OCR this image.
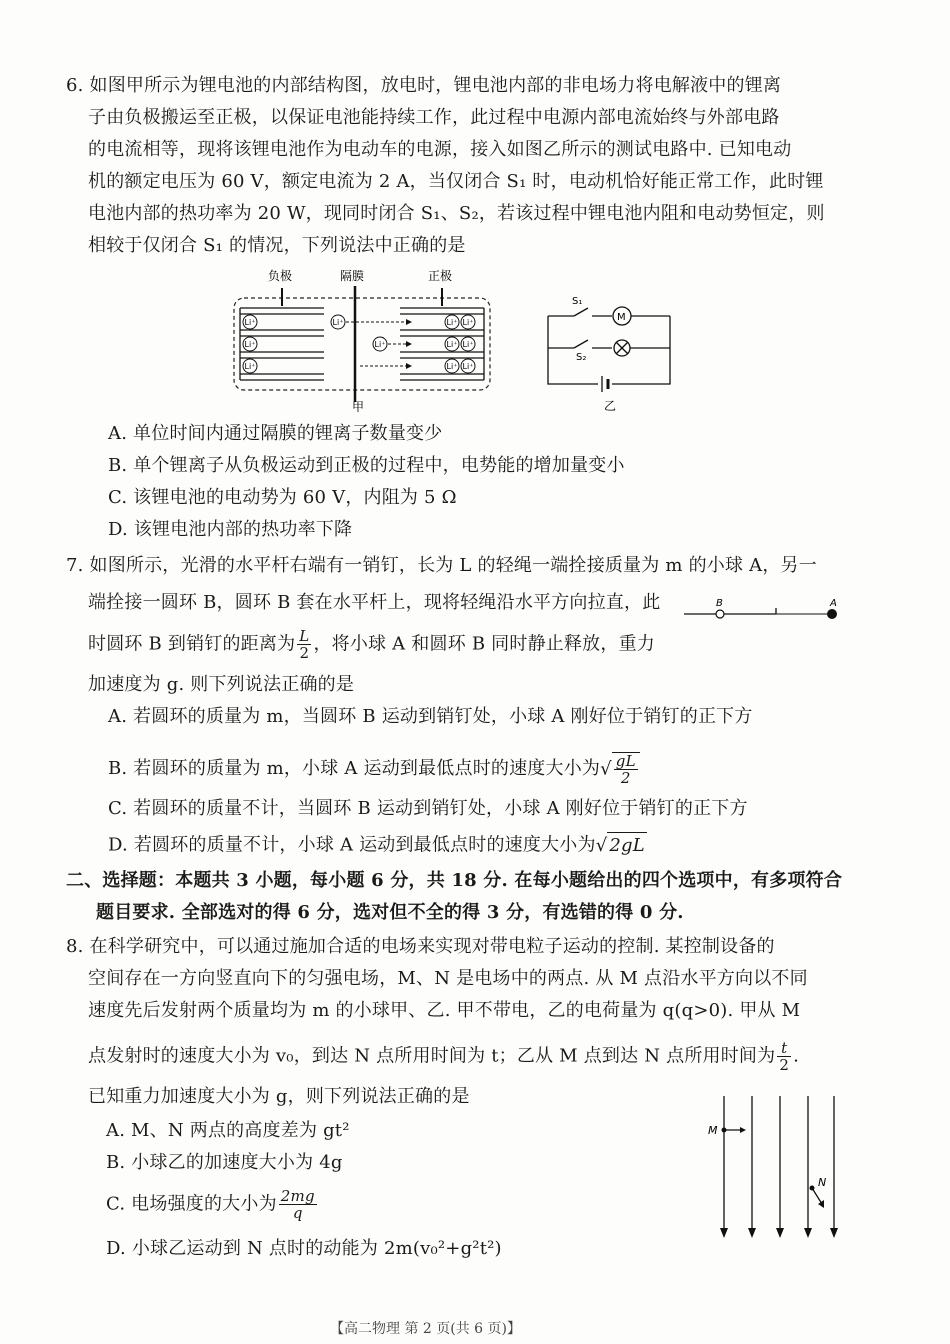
6. 如图甲所示为锂电池的内部结构图，放电时，锂电池内部的非电场力将电解液中的锂离
子由负极搬运至正极，以保证电池能持续工作，此过程中电源内部电流始终与外部电路
的电流相等，现将该锂电池作为电动车的电源，接入如图乙所示的测试电路中. 已知电动
机的额定电压为 60 V，额定电流为 2 A，当仅闭合 S₁ 时，电动机恰好能正常工作，此时锂
电池内部的热功率为 20 W，现同时闭合 S₁、S₂，若该过程中锂电池内阻和电动势恒定，则
相较于仅闭合 S₁ 的情况，下列说法中正确的是
负极	隔膜	正极
Li⁺
Li⁺
Li⁺
Li⁺
Li⁺
Li⁺ Li⁺
Li⁺ Li⁺
Li⁺ Li⁺
甲
S₁
S₂
M
乙
A. 单位时间内通过隔膜的锂离子数量变少
B. 单个锂离子从负极运动到正极的过程中，电势能的增加量变小
C. 该锂电池的电动势为 60 V，内阻为 5 Ω
D. 该锂电池内部的热功率下降
7. 如图所示，光滑的水平杆右端有一销钉，长为 L 的轻绳一端拴接质量为 m 的小球 A，另一
端拴接一圆环 B，圆环 B 套在水平杆上，现将轻绳沿水平方向拉直，此	B	A
时圆环 B 到销钉的距离为 $\frac{L}{2}$ ，将小球 A 和圆环 B 同时静止释放，重力
加速度为 g. 则下列说法正确的是
A. 若圆环的质量为 m，当圆环 B 运动到销钉处，小球 A 刚好位于销钉的正下方
B. 若圆环的质量为 m，小球 A 运动到最低点时的速度大小为√ $\frac{gL}{2}$
C. 若圆环的质量不计，当圆环 B 运动到销钉处，小球 A 刚好位于销钉的正下方
D. 若圆环的质量不计，小球 A 运动到最低点时的速度大小为√ 2gL
二、选择题：本题共 3 小题，每小题 6 分，共 18 分. 在每小题给出的四个选项中，有多项符合
题目要求. 全部选对的得 6 分，选对但不全的得 3 分，有选错的得 0 分.
8. 在科学研究中，可以通过施加合适的电场来实现对带电粒子运动的控制. 某控制设备的
空间存在一方向竖直向下的匀强电场，M、N 是电场中的两点. 从 M 点沿水平方向以不同
速度先后发射两个质量均为 m 的小球甲、乙. 甲不带电，乙的电荷量为 q(q>0). 甲从 M
点发射时的速度大小为 v₀，到达 N 点所用时间为 t；乙从 M 点到达 N 点所用时间为 $\frac{t}{2}$ .
已知重力加速度大小为 g，则下列说法正确的是
A. M、N 两点的高度差为 gt²
B. 小球乙的加速度大小为 4g
C. 电场强度的大小为 $\frac{2mg}{q}$
D. 小球乙运动到 N 点时的动能为 2m(v₀²+g²t²)
M
N
【高二物理 第 2 页(共 6 页)】
